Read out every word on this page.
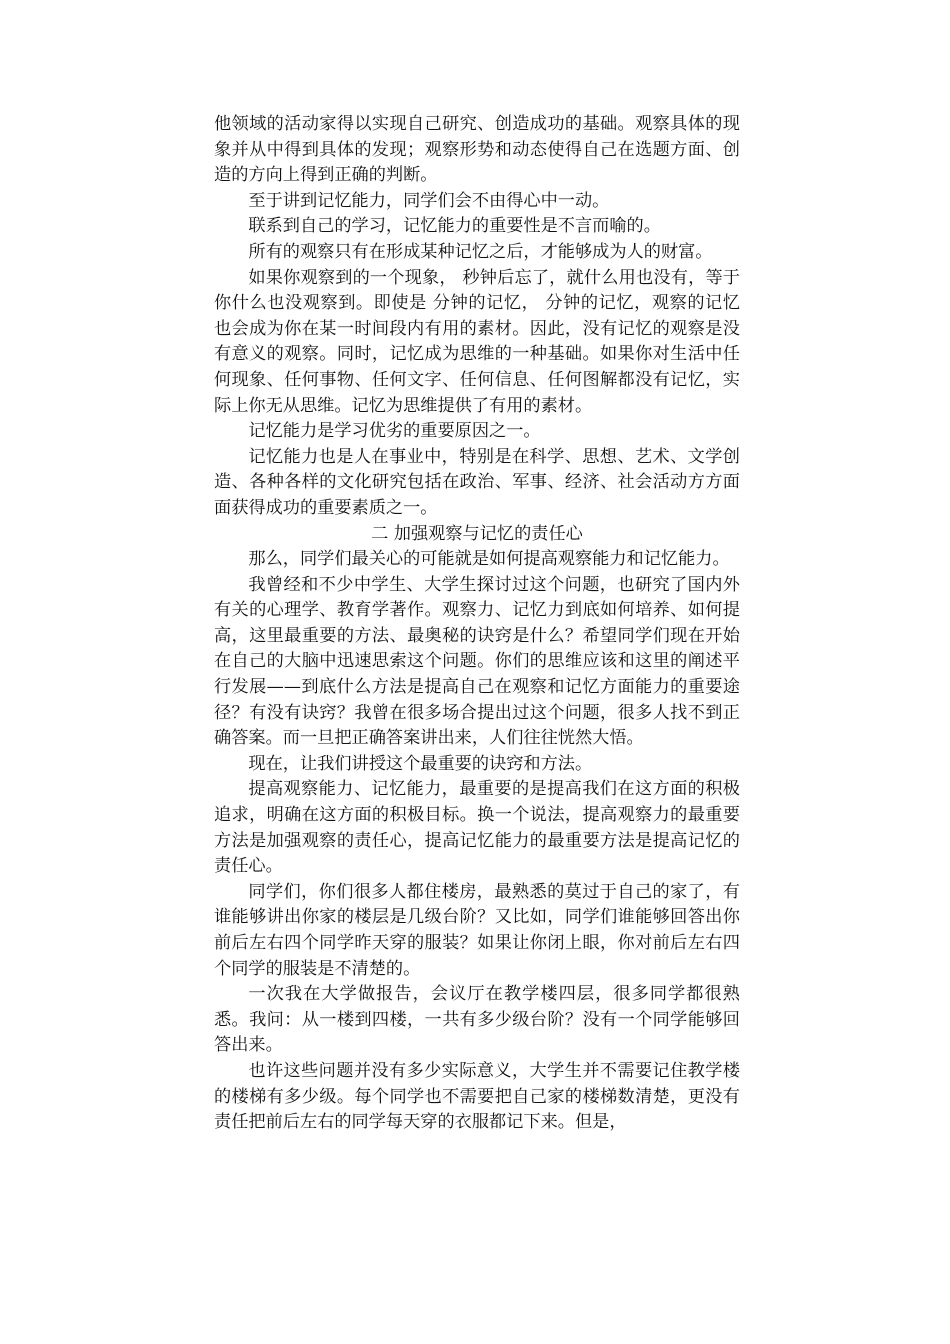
他领域的活动家得以实现自己研究、创造成功的基础。观察具体的现象并从中得到具体的发现；观察形势和动态使得自己在选题方面、创造的方向上得到正确的判断。

至于讲到记忆能力，同学们会不由得心中一动。

联系到自己的学习，记忆能力的重要性是不言而喻的。

所有的观察只有在形成某种记忆之后，才能够成为人的财富。

如果你观察到的一个现象， 秒钟后忘了，就什么用也没有，等于你什么也没观察到。即使是 分钟的记忆， 分钟的记忆，观察的记忆也会成为你在某一时间段内有用的素材。因此，没有记忆的观察是没有意义的观察。同时，记忆成为思维的一种基础。如果你对生活中任何现象、任何事物、任何文字、任何信息、任何图解都没有记忆，实际上你无从思维。记忆为思维提供了有用的素材。

记忆能力是学习优劣的重要原因之一。

记忆能力也是人在事业中，特别是在科学、思想、艺术、文学创造、各种各样的文化研究包括在政治、军事、经济、社会活动方方面面获得成功的重要素质之一。

二 加强观察与记忆的责任心

那么，同学们最关心的可能就是如何提高观察能力和记忆能力。

我曾经和不少中学生、大学生探讨过这个问题，也研究了国内外有关的心理学、教育学著作。观察力、记忆力到底如何培养、如何提高，这里最重要的方法、最奥秘的诀窍是什么？希望同学们现在开始在自己的大脑中迅速思索这个问题。你们的思维应该和这里的阐述平行发展——到底什么方法是提高自己在观察和记忆方面能力的重要途径？有没有诀窍？我曾在很多场合提出过这个问题，很多人找不到正确答案。而一旦把正确答案讲出来，人们往往恍然大悟。

现在，让我们讲授这个最重要的诀窍和方法。

提高观察能力、记忆能力，最重要的是提高我们在这方面的积极追求，明确在这方面的积极目标。换一个说法，提高观察力的最重要方法是加强观察的责任心，提高记忆能力的最重要方法是提高记忆的责任心。

同学们，你们很多人都住楼房，最熟悉的莫过于自己的家了，有谁能够讲出你家的楼层是几级台阶？又比如，同学们谁能够回答出你前后左右四个同学昨天穿的服装？如果让你闭上眼，你对前后左右四个同学的服装是不清楚的。

一次我在大学做报告，会议厅在教学楼四层，很多同学都很熟悉。我问：从一楼到四楼，一共有多少级台阶？没有一个同学能够回答出来。

也许这些问题并没有多少实际意义，大学生并不需要记住教学楼的楼梯有多少级。每个同学也不需要把自己家的楼梯数清楚，更没有责任把前后左右的同学每天穿的衣服都记下来。但是，
